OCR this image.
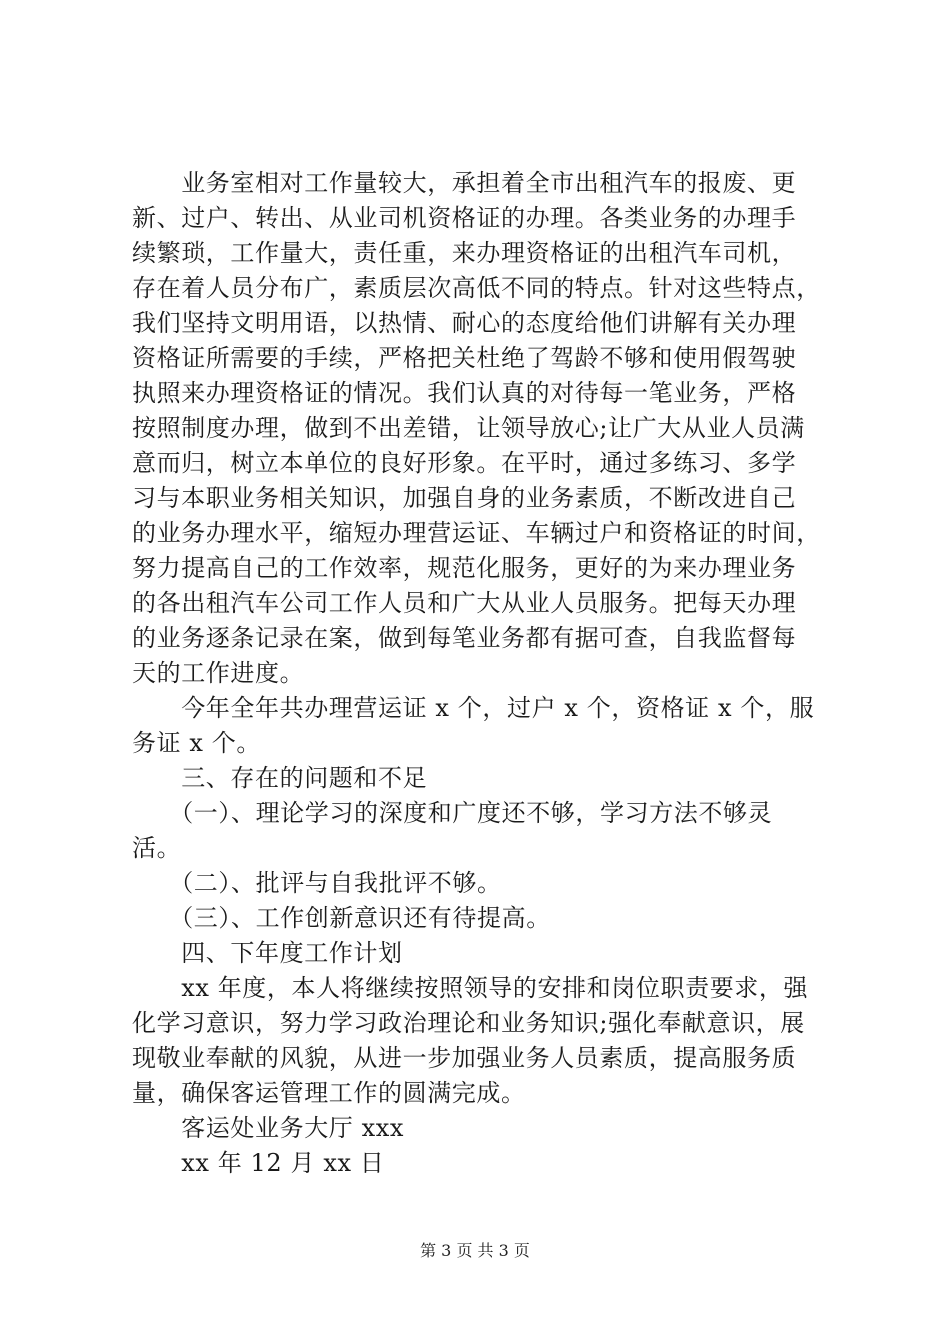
　　业务室相对工作量较大，承担着全市出租汽车的报废、更
新、过户、转出、从业司机资格证的办理。各类业务的办理手
续繁琐，工作量大，责任重，来办理资格证的出租汽车司机，
存在着人员分布广，素质层次高低不同的特点。针对这些特点，
我们坚持文明用语，以热情、耐心的态度给他们讲解有关办理
资格证所需要的手续，严格把关杜绝了驾龄不够和使用假驾驶
执照来办理资格证的情况。我们认真的对待每一笔业务，严格
按照制度办理，做到不出差错，让领导放心;让广大从业人员满
意而归，树立本单位的良好形象。在平时，通过多练习、多学
习与本职业务相关知识，加强自身的业务素质，不断改进自己
的业务办理水平，缩短办理营运证、车辆过户和资格证的时间，
努力提高自己的工作效率，规范化服务，更好的为来办理业务
的各出租汽车公司工作人员和广大从业人员服务。把每天办理
的业务逐条记录在案，做到每笔业务都有据可查，自我监督每
天的工作进度。
　　今年全年共办理营运证 x 个，过户 x 个，资格证 x 个，服
务证 x 个。
　　三、存在的问题和不足
　　（一）、理论学习的深度和广度还不够，学习方法不够灵
活。
　　（二）、批评与自我批评不够。
　　（三）、工作创新意识还有待提高。
　　四、下年度工作计划
　　xx 年度，本人将继续按照领导的安排和岗位职责要求，强
化学习意识，努力学习政治理论和业务知识;强化奉献意识，展
现敬业奉献的风貌，从进一步加强业务人员素质，提高服务质
量，确保客运管理工作的圆满完成。
　　客运处业务大厅 xxx
　　xx 年 12 月 xx 日
第 3 页 共 3 页
